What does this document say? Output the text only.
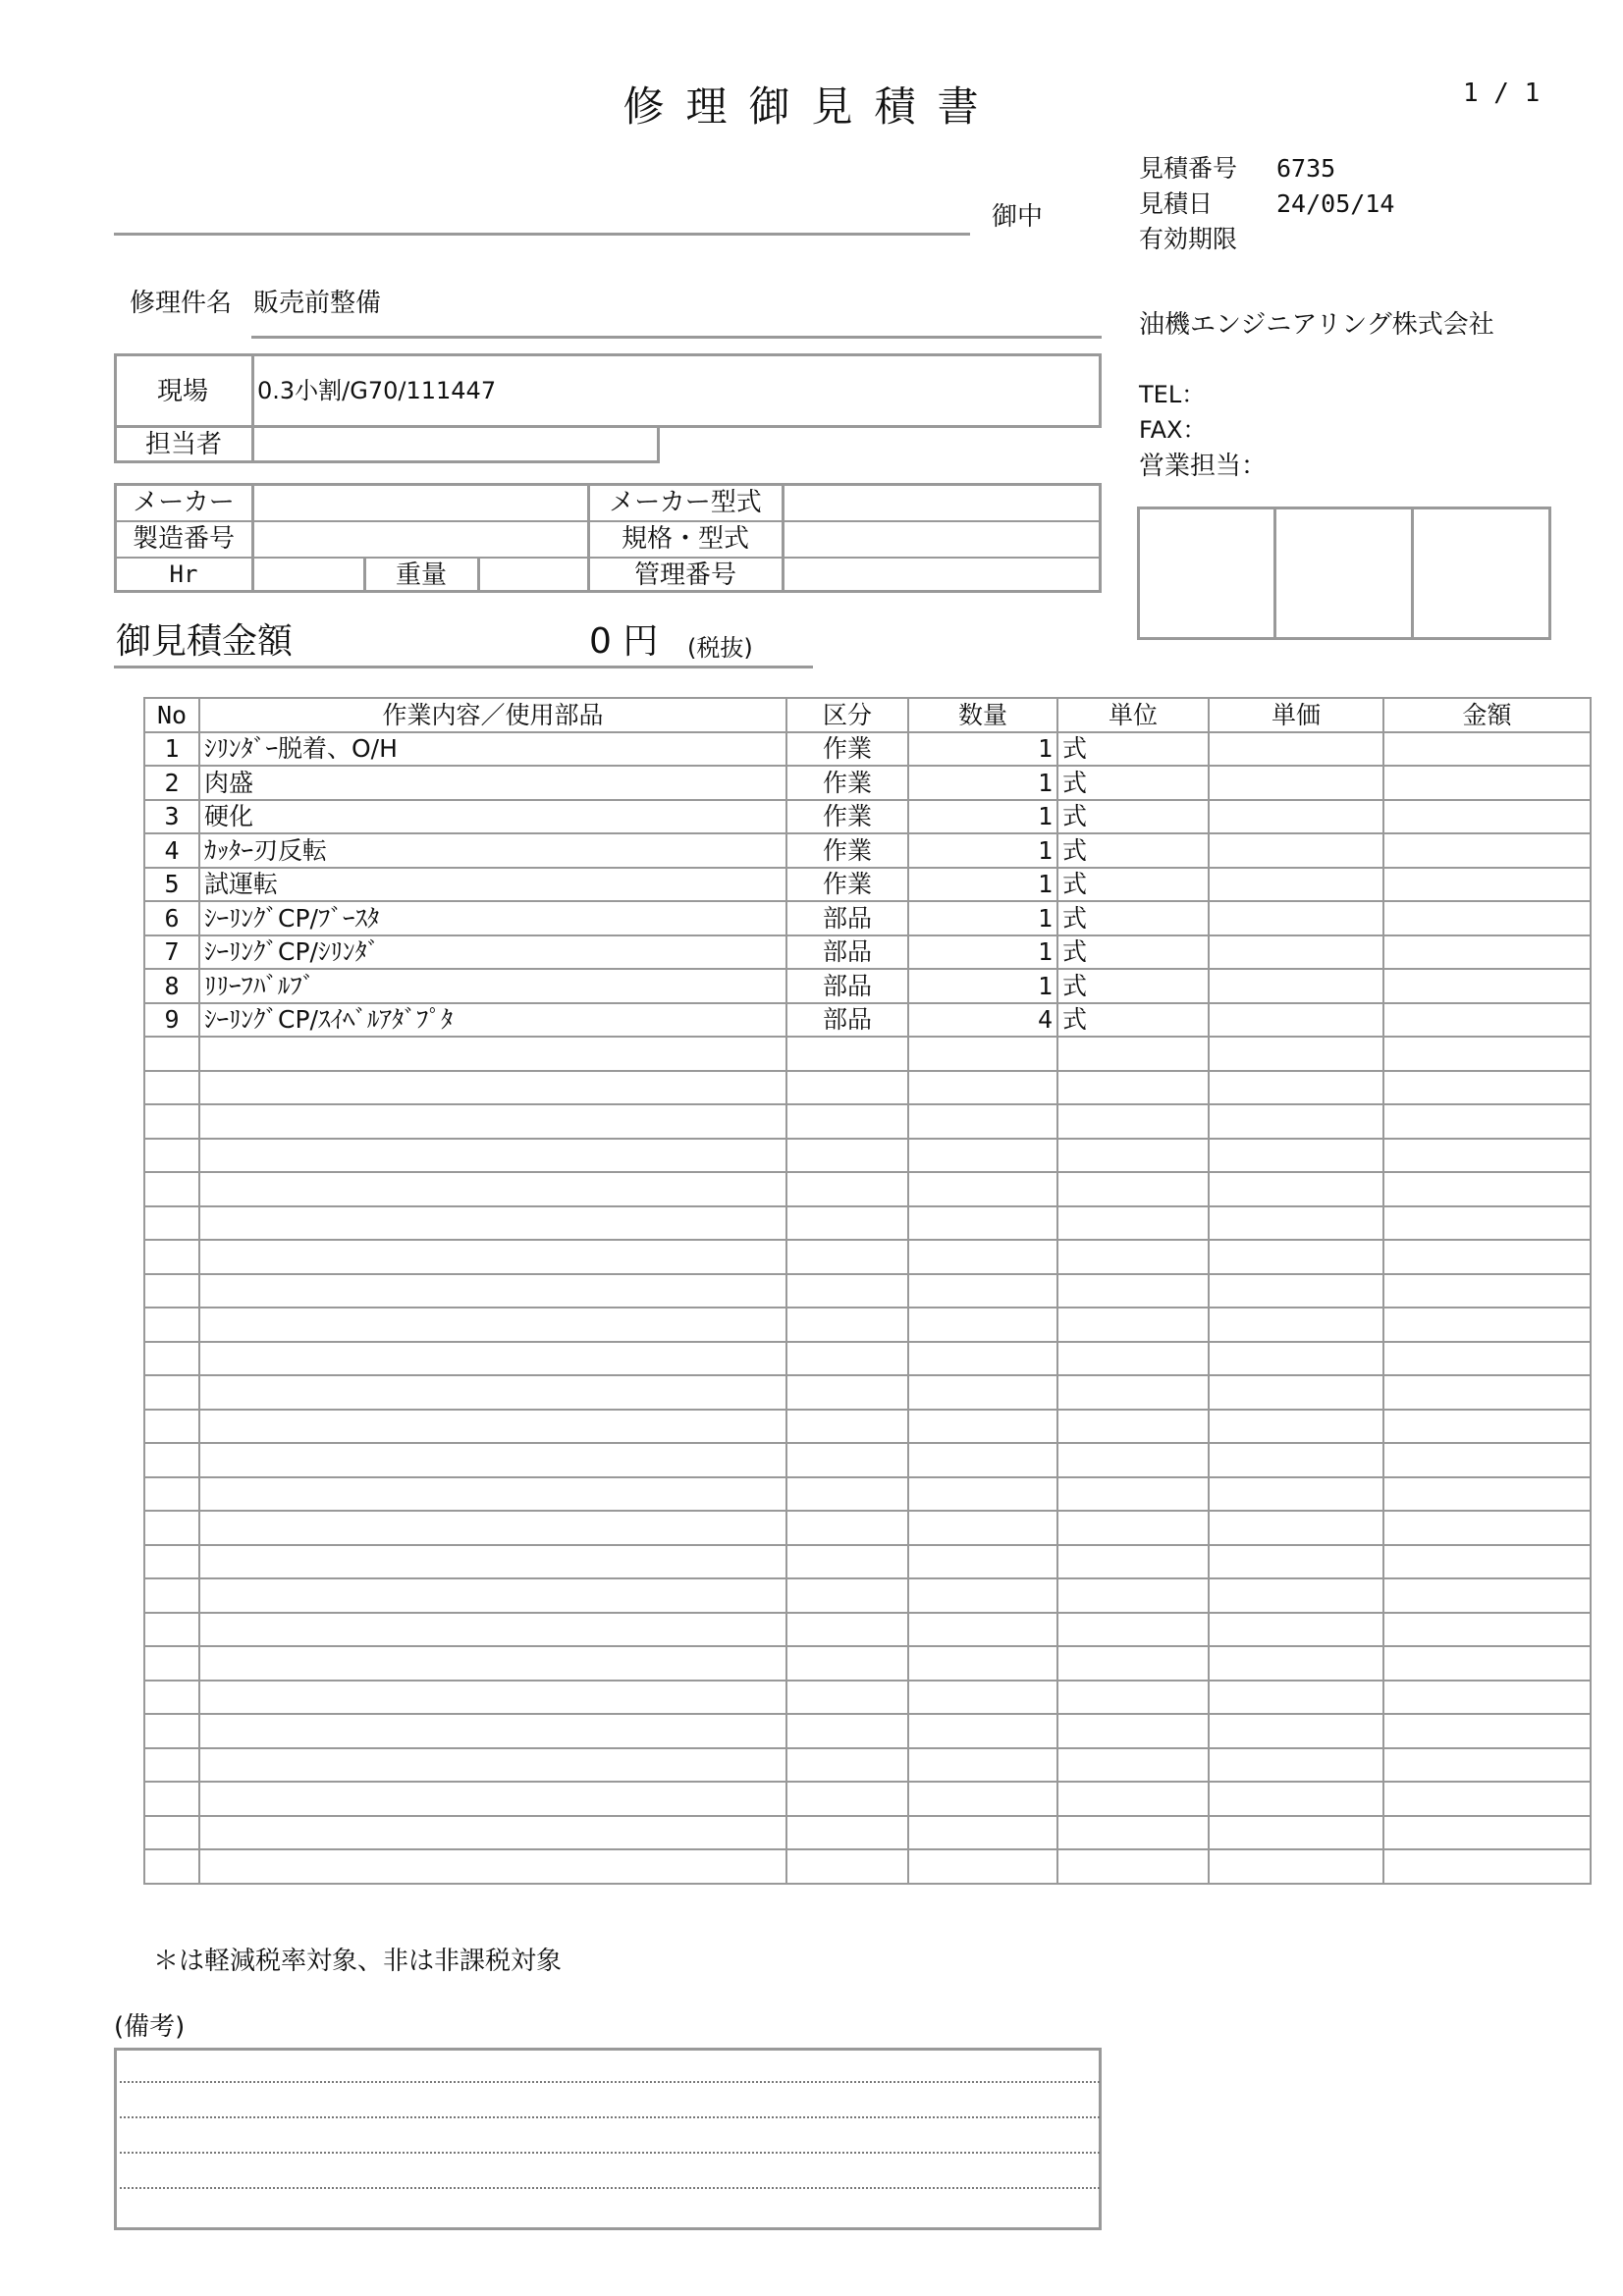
修理御見積書	1 / 1
御中
見積番号 6735
見積日	24/05/14
有効期限
油機エンジニアリング株式会社
TEL：
FAX：
営業担当：
修理件名 販売前整備
現場 0.3小割/G70/111447
担当者
メーカー	メーカー型式
製造番号	規格・型式
Hr	重量	管理番号
御見積金額	0 円 (税抜)
No	作業内容／使用部品	区分	数量	単位	単価	金額
1	ｼﾘﾝﾀﾞｰ脱着、O/H	作業	1	式		
2	肉盛	作業	1	式		
3	硬化	作業	1	式		
4	ｶｯﾀｰ刃反転	作業	1	式		
5	試運転	作業	1	式		
6	ｼｰﾘﾝｸﾞCP/ﾌﾞｰｽﾀ	部品	1	式		
7	ｼｰﾘﾝｸﾞCP/ｼﾘﾝﾀﾞ	部品	1	式		
8	ﾘﾘｰﾌﾊﾞﾙﾌﾞ	部品	1	式		
9	ｼｰﾘﾝｸﾞCP/ｽｲﾍﾞﾙｱﾀﾞﾌﾟﾀ	部品	4	式		

＊は軽減税率対象、非は非課税対象
(備考)
